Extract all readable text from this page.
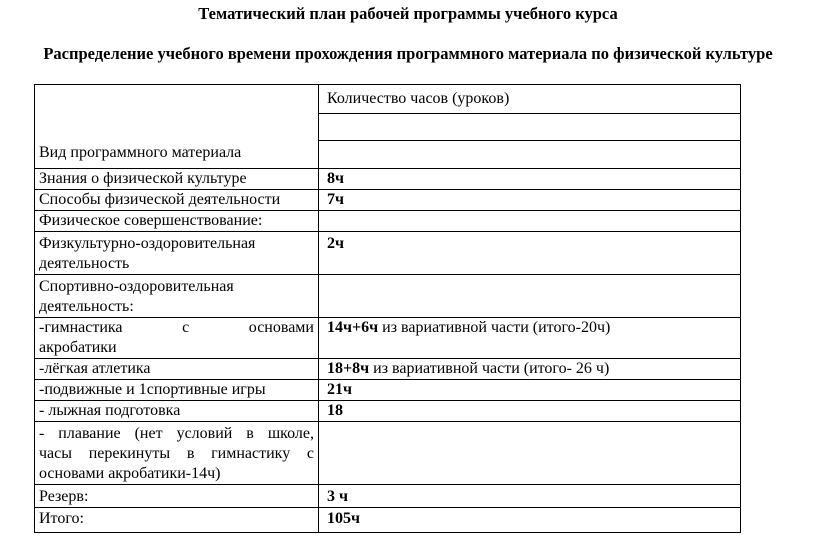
Тематический план рабочей программы учебного курса
Распределение учебного времени прохождения программного материала по физической культуре
Вид программного материала	Количество часов (уроков)

Знания о физической культуре	8ч
Способы физической деятельности	7ч
Физическое совершенствование:	

Физкультурно-оздоровительная
деятельность	2ч

Спортивно-оздоровительная
деятельность:	

-гимнастика с основами
акробатики	14ч+6ч из вариативной части (итого-20ч)
-лёгкая атлетика	18+8ч из вариативной части (итого- 26 ч)
-подвижные и 1спортивные игры	21ч
- лыжная подготовка	18

- плавание (нет условий в школе,
часы перекинуты в гимнастику с
основами акробатики-14ч)	

Резерв:	3 ч
Итого:	105ч
